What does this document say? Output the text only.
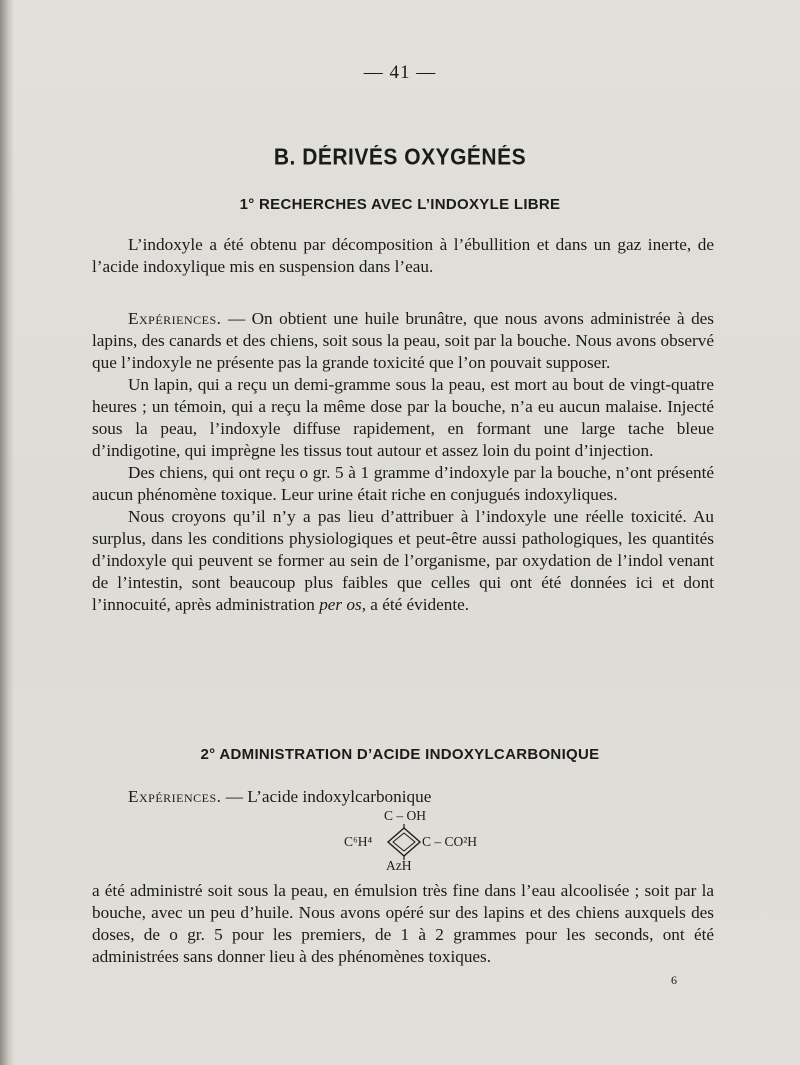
— 41 —
B. DÉRIVÉS OXYGÉNÉS
1° RECHERCHES AVEC L’INDOXYLE LIBRE

L’indoxyle a été obtenu par décomposition à l’ébullition et dans un gaz inerte, de l’acide indoxylique mis en suspension dans l’eau.

Expériences. — On obtient une huile brunâtre, que nous avons administrée à des lapins, des canards et des chiens, soit sous la peau, soit par la bouche. Nous avons observé que l’indoxyle ne présente pas la grande toxicité que l’on pouvait supposer.

Un lapin, qui a reçu un demi-gramme sous la peau, est mort au bout de vingt-quatre heures ; un témoin, qui a reçu la même dose par la bouche, n’a eu aucun malaise. Injecté sous la peau, l’indoxyle diffuse rapidement, en formant une large tache bleue d’indigotine, qui imprègne les tissus tout autour et assez loin du point d’injection.

Des chiens, qui ont reçu o gr. 5 à 1 gramme d’indoxyle par la bouche, n’ont présenté aucun phénomène toxique. Leur urine était riche en conjugués indoxyliques.

Nous croyons qu’il n’y a pas lieu d’attribuer à l’indoxyle une réelle toxicité. Au surplus, dans les conditions physiologiques et peut-être aussi pathologiques, les quantités d’indoxyle qui peuvent se former au sein de l’organisme, par oxydation de l’indol venant de l’intestin, sont beaucoup plus faibles que celles qui ont été données ici et dont l’innocuité, après administration per os, a été évidente.

2° ADMINISTRATION D’ACIDE INDOXYLCARBONIQUE

Expériences. — L’acide indoxylcarbonique

C – OH
C⁶H⁴	C – CO²H
AzH

a été administré soit sous la peau, en émulsion très fine dans l’eau alcoolisée ; soit par la bouche, avec un peu d’huile. Nous avons opéré sur des lapins et des chiens auxquels des doses, de o gr. 5 pour les premiers, de 1 à 2 grammes pour les seconds, ont été administrées sans donner lieu à des phénomènes toxiques.

6
